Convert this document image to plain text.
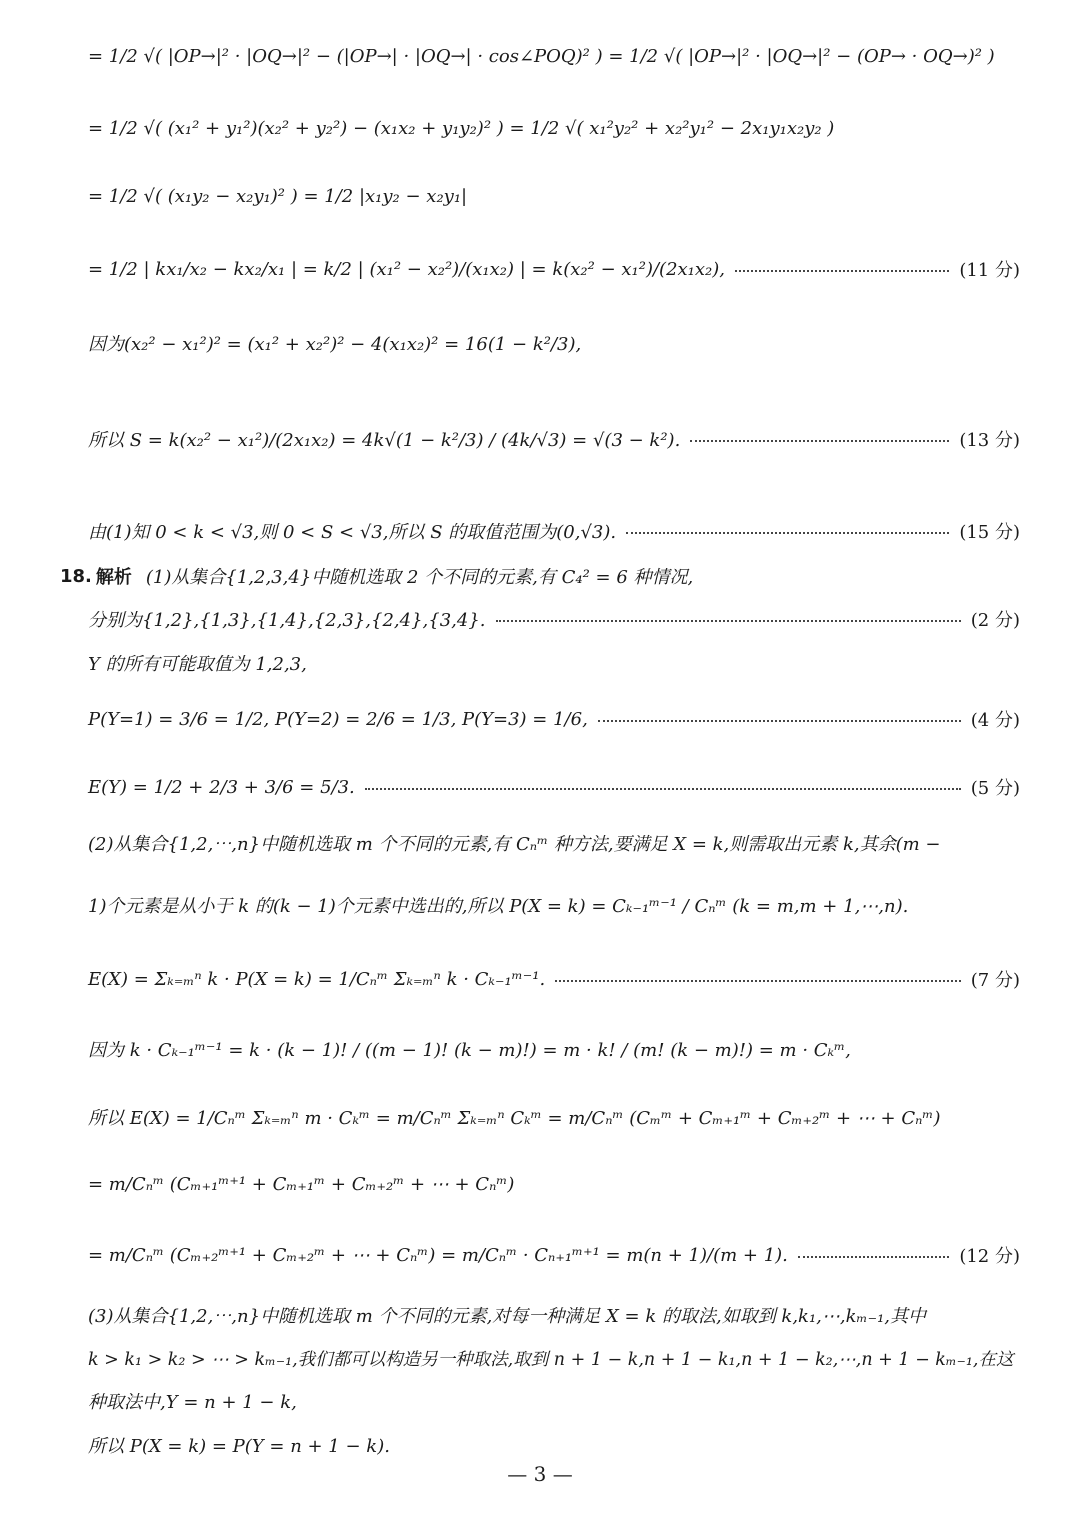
= 1/2 √( |OP→|² · |OQ→|² − (|OP→| · |OQ→| · cos∠POQ)² ) = 1/2 √( |OP→|² · |OQ→|² − (OP→ · OQ→)² )
= 1/2 √( (x₁² + y₁²)(x₂² + y₂²) − (x₁x₂ + y₁y₂)² ) = 1/2 √( x₁²y₂² + x₂²y₁² − 2x₁y₁x₂y₂ )
= 1/2 √( (x₁y₂ − x₂y₁)² ) = 1/2 |x₁y₂ − x₂y₁|
= 1/2 | kx₁/x₂ − kx₂/x₁ | = k/2 | (x₁² − x₂²)/(x₁x₂) | = k(x₂² − x₁²)/(2x₁x₂),	(11 分)
因为(x₂² − x₁²)² = (x₁² + x₂²)² − 4(x₁x₂)² = 16(1 − k²/3),
所以 S = k(x₂² − x₁²)/(2x₁x₂) = 4k√(1 − k²/3) / (4k/√3) = √(3 − k²).	(13 分)
由(1)知 0 < k < √3,则 0 < S < √3,所以 S 的取值范围为(0,√3).	(15 分)
18. 解析 (1)从集合{1,2,3,4}中随机选取 2 个不同的元素,有 C₄² = 6 种情况,
分别为{1,2},{1,3},{1,4},{2,3},{2,4},{3,4}.	(2 分)
Y 的所有可能取值为 1,2,3,
P(Y=1) = 3/6 = 1/2, P(Y=2) = 2/6 = 1/3, P(Y=3) = 1/6,	(4 分)
E(Y) = 1/2 + 2/3 + 3/6 = 5/3.	(5 分)
(2)从集合{1,2,⋯,n}中随机选取 m 个不同的元素,有 Cₙᵐ 种方法,要满足 X = k,则需取出元素 k,其余(m −
1)个元素是从小于 k 的(k − 1)个元素中选出的,所以 P(X = k) = Cₖ₋₁ᵐ⁻¹ / Cₙᵐ (k = m,m + 1,⋯,n).
E(X) = Σₖ₌ₘⁿ k · P(X = k) = 1/Cₙᵐ Σₖ₌ₘⁿ k · Cₖ₋₁ᵐ⁻¹.	(7 分)
因为 k · Cₖ₋₁ᵐ⁻¹ = k · (k − 1)! / ((m − 1)! (k − m)!) = m · k! / (m! (k − m)!) = m · Cₖᵐ,
所以 E(X) = 1/Cₙᵐ Σₖ₌ₘⁿ m · Cₖᵐ = m/Cₙᵐ Σₖ₌ₘⁿ Cₖᵐ = m/Cₙᵐ (Cₘᵐ + Cₘ₊₁ᵐ + Cₘ₊₂ᵐ + ⋯ + Cₙᵐ)
= m/Cₙᵐ (Cₘ₊₁ᵐ⁺¹ + Cₘ₊₁ᵐ + Cₘ₊₂ᵐ + ⋯ + Cₙᵐ)
= m/Cₙᵐ (Cₘ₊₂ᵐ⁺¹ + Cₘ₊₂ᵐ + ⋯ + Cₙᵐ) = m/Cₙᵐ · Cₙ₊₁ᵐ⁺¹ = m(n + 1)/(m + 1).	(12 分)
(3)从集合{1,2,⋯,n}中随机选取 m 个不同的元素,对每一种满足 X = k 的取法,如取到 k,k₁,⋯,kₘ₋₁,其中
k > k₁ > k₂ > ⋯ > kₘ₋₁,我们都可以构造另一种取法,取到 n + 1 − k,n + 1 − k₁,n + 1 − k₂,⋯,n + 1 − kₘ₋₁,在这
种取法中,Y = n + 1 − k,
所以 P(X = k) = P(Y = n + 1 − k).
— 3 —
